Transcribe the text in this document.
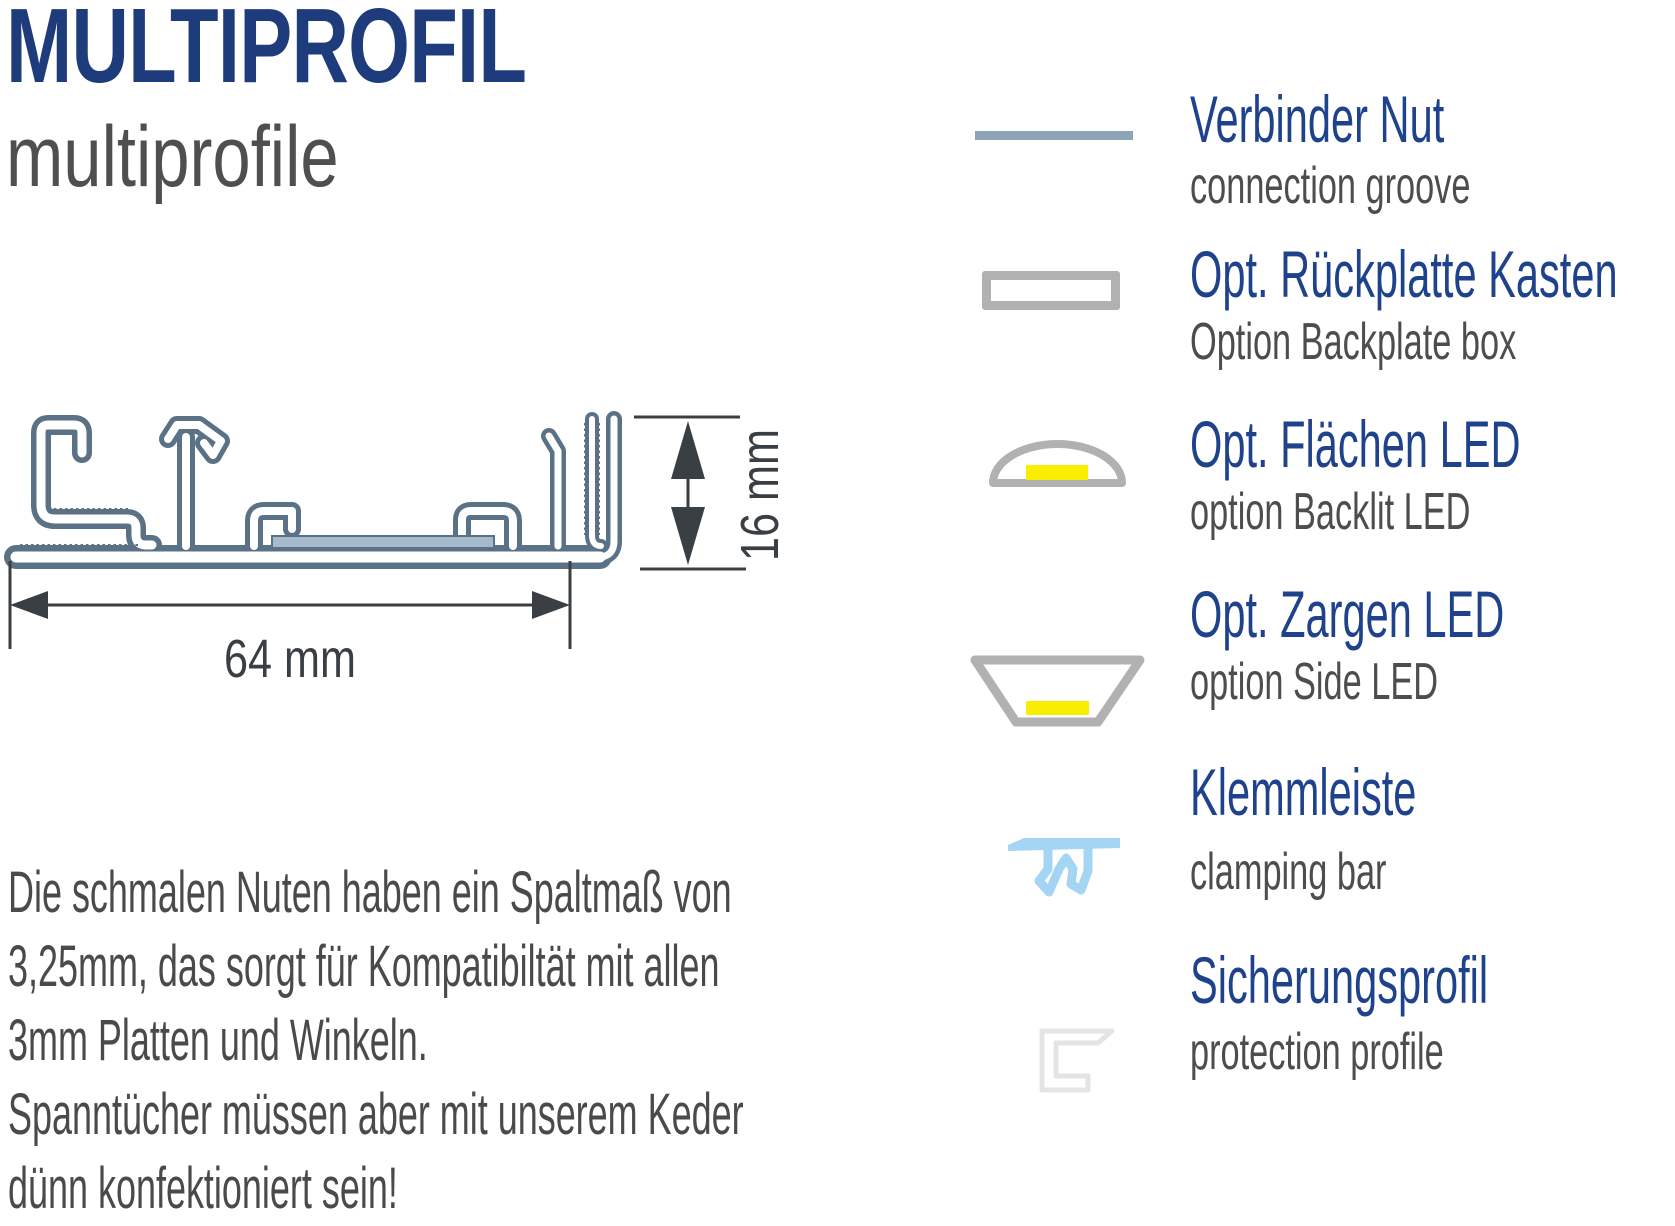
MULTIPROFIL
multiprofile
64 mm
16 mm
Die schmalen Nuten haben ein Spaltmaß von
3,25mm, das sorgt für Kompatibiltät mit allen
3mm Platten und Winkeln.
Spanntücher müssen aber mit unserem Keder
dünn konfektioniert sein!
Verbinder Nut
connection groove
Opt. Rückplatte Kasten
Option Backplate box
Opt. Flächen LED
option Backlit LED
Opt. Zargen LED
option Side LED
Klemmleiste
clamping bar
Sicherungsprofil
protection profile
